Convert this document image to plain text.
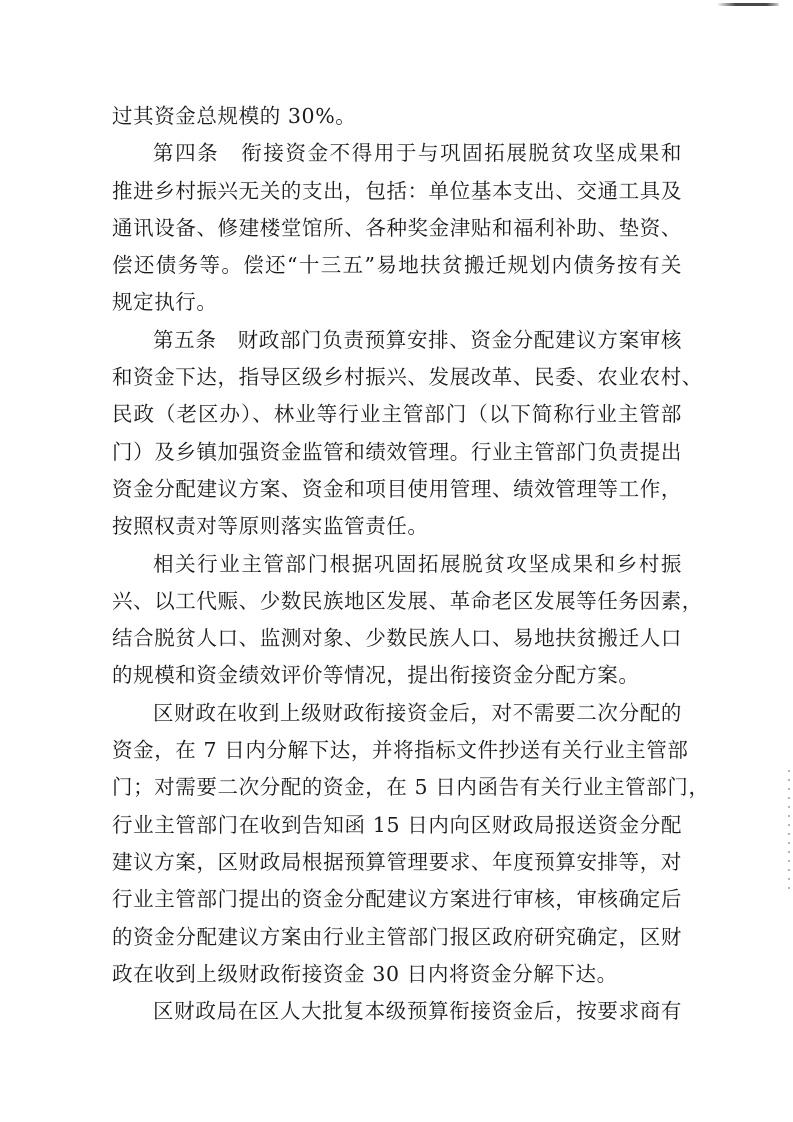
过其资金总规模的 30%。
第四条　衔接资金不得用于与巩固拓展脱贫攻坚成果和
推进乡村振兴无关的支出，包括：单位基本支出、交通工具及
通讯设备、修建楼堂馆所、各种奖金津贴和福利补助、垫资、
偿还债务等。偿还“十三五”易地扶贫搬迁规划内债务按有关
规定执行。
第五条　财政部门负责预算安排、资金分配建议方案审核
和资金下达，指导区级乡村振兴、发展改革、民委、农业农村、
民政（老区办）、林业等行业主管部门（以下简称行业主管部
门）及乡镇加强资金监管和绩效管理。行业主管部门负责提出
资金分配建议方案、资金和项目使用管理、绩效管理等工作，
按照权责对等原则落实监管责任。
相关行业主管部门根据巩固拓展脱贫攻坚成果和乡村振
兴、以工代赈、少数民族地区发展、革命老区发展等任务因素，
结合脱贫人口、监测对象、少数民族人口、易地扶贫搬迁人口
的规模和资金绩效评价等情况，提出衔接资金分配方案。
区财政在收到上级财政衔接资金后，对不需要二次分配的
资金，在 7 日内分解下达，并将指标文件抄送有关行业主管部
门；对需要二次分配的资金，在 5 日内函告有关行业主管部门，
行业主管部门在收到告知函 15 日内向区财政局报送资金分配
建议方案，区财政局根据预算管理要求、年度预算安排等，对
行业主管部门提出的资金分配建议方案进行审核，审核确定后
的资金分配建议方案由行业主管部门报区政府研究确定，区财
政在收到上级财政衔接资金 30 日内将资金分解下达。
区财政局在区人大批复本级预算衔接资金后，按要求商有
